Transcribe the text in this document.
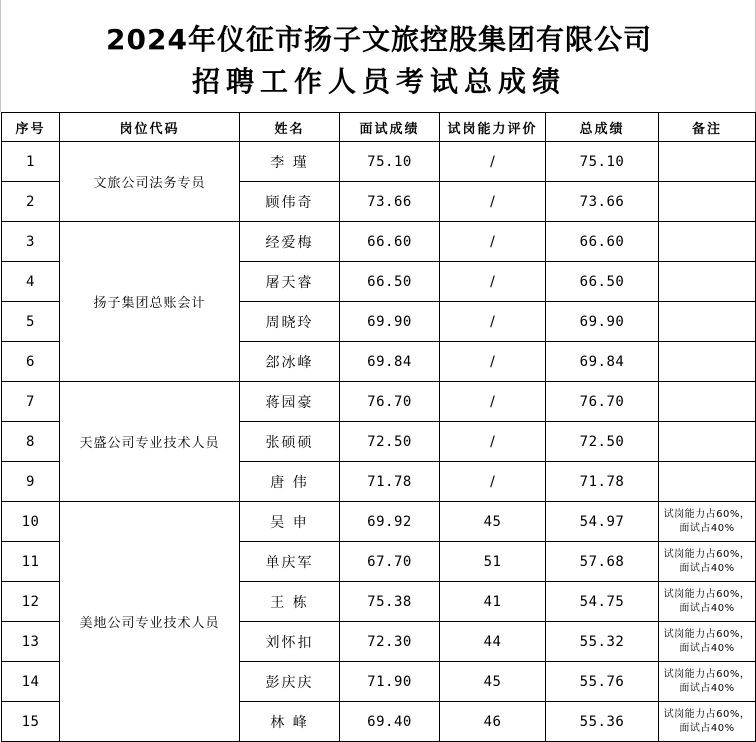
2024年仪征市扬子文旅控股集团有限公司
招聘工作人员考试总成绩
序号	岗位代码	姓名	面试成绩	试岗能力评价	总成绩	备注
1	文旅公司法务专员	李 瑾	75.10	/	75.10	
2		顾伟奇	73.66	/	73.66	
3	扬子集团总账会计	经爱梅	66.60	/	66.60	
4		屠天睿	66.50	/	66.50	
5		周晓玲	69.90	/	69.90	
6		郐冰峰	69.84	/	69.84	
7	天盛公司专业技术人员	蒋园豪	76.70	/	76.70	
8		张硕硕	72.50	/	72.50	
9		唐 伟	71.78	/	71.78	
10	美地公司专业技术人员	吴 申	69.92	45	54.97	试岗能力占60%，面试占40%
11		单庆军	67.70	51	57.68	试岗能力占60%，面试占40%
12		王 栋	75.38	41	54.75	试岗能力占60%，面试占40%
13		刘怀扣	72.30	44	55.32	试岗能力占60%，面试占40%
14		彭庆庆	71.90	45	55.76	试岗能力占60%，面试占40%
15		林 峰	69.40	46	55.36	试岗能力占60%，面试占40%
